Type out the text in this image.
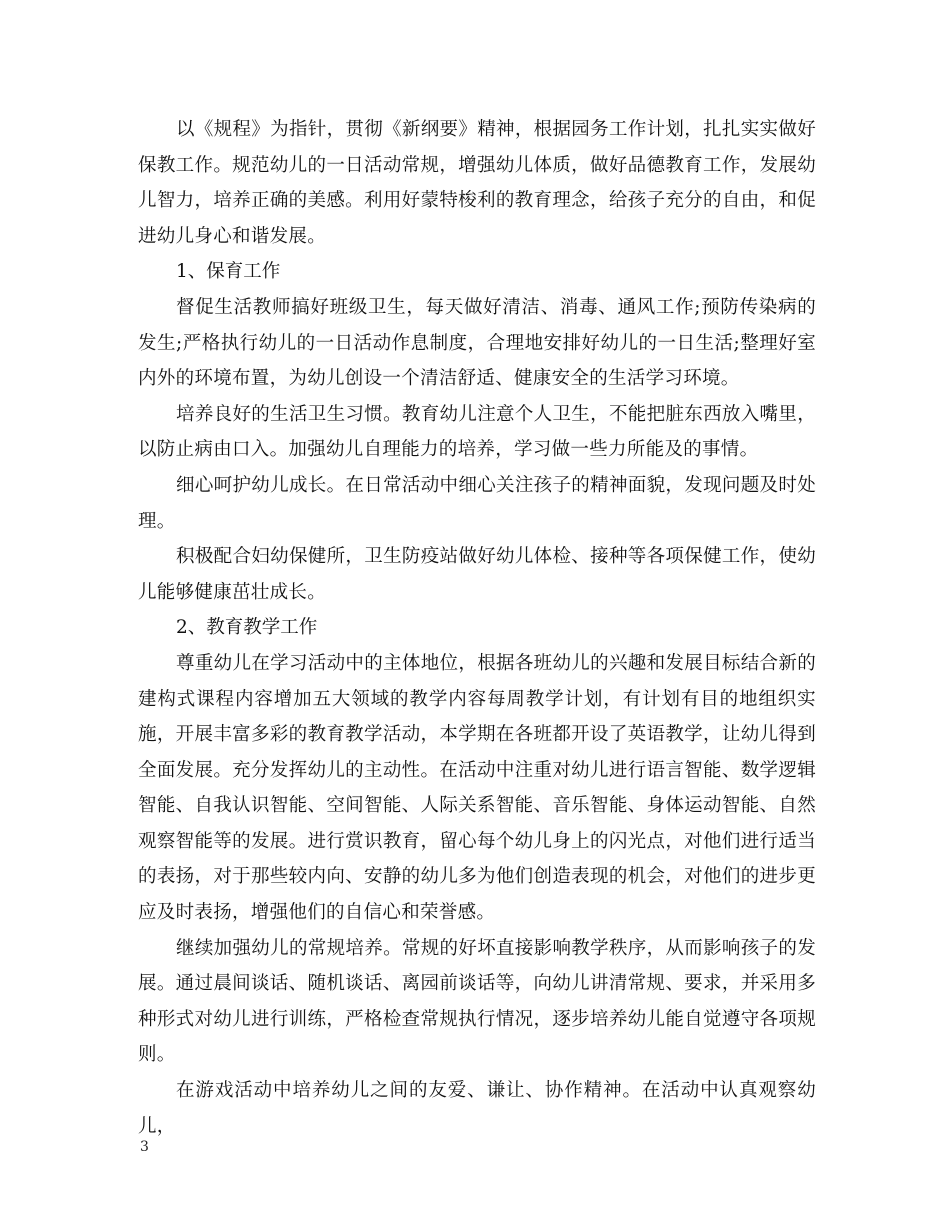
以《规程》为指针，贯彻《新纲要》精神，根据园务工作计划，扎扎实实做好保教工作。规范幼儿的一日活动常规，增强幼儿体质，做好品德教育工作，发展幼儿智力，培养正确的美感。利用好蒙特梭利的教育理念，给孩子充分的自由，和促进幼儿身心和谐发展。

1、保育工作

督促生活教师搞好班级卫生，每天做好清洁、消毒、通风工作;预防传染病的发生;严格执行幼儿的一日活动作息制度，合理地安排好幼儿的一日生活;整理好室内外的环境布置，为幼儿创设一个清洁舒适、健康安全的生活学习环境。

培养良好的生活卫生习惯。教育幼儿注意个人卫生，不能把脏东西放入嘴里，以防止病由口入。加强幼儿自理能力的培养，学习做一些力所能及的事情。

细心呵护幼儿成长。在日常活动中细心关注孩子的精神面貌，发现问题及时处理。

积极配合妇幼保健所，卫生防疫站做好幼儿体检、接种等各项保健工作，使幼儿能够健康茁壮成长。

2、教育教学工作

尊重幼儿在学习活动中的主体地位，根据各班幼儿的兴趣和发展目标结合新的建构式课程内容增加五大领域的教学内容每周教学计划，有计划有目的地组织实施，开展丰富多彩的教育教学活动，本学期在各班都开设了英语教学，让幼儿得到全面发展。充分发挥幼儿的主动性。在活动中注重对幼儿进行语言智能、数学逻辑智能、自我认识智能、空间智能、人际关系智能、音乐智能、身体运动智能、自然观察智能等的发展。进行赏识教育，留心每个幼儿身上的闪光点，对他们进行适当的表扬，对于那些较内向、安静的幼儿多为他们创造表现的机会，对他们的进步更应及时表扬，增强他们的自信心和荣誉感。

继续加强幼儿的常规培养。常规的好坏直接影响教学秩序，从而影响孩子的发展。通过晨间谈话、随机谈话、离园前谈话等，向幼儿讲清常规、要求，并采用多种形式对幼儿进行训练，严格检查常规执行情况，逐步培养幼儿能自觉遵守各项规则。

在游戏活动中培养幼儿之间的友爱、谦让、协作精神。在活动中认真观察幼儿，

3
